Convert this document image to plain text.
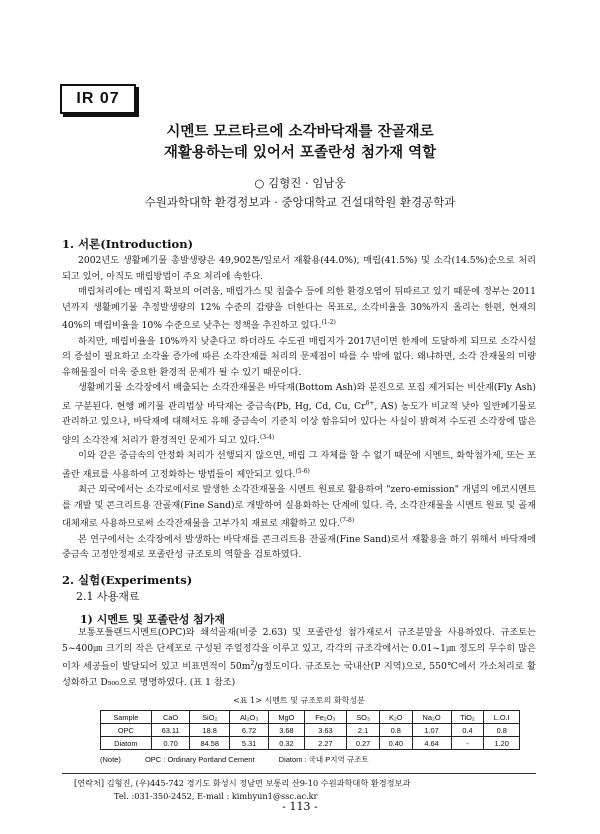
IR 07
시멘트 모르타르에 소각바닥재를 잔골재로
재활용하는데 있어서 포졸란성 첨가재 역할
○ 김형진 · 임남웅
수원과학대학 환경정보과 · 중앙대학교 건설대학원 환경공학과
1. 서론(Introduction)

2002년도 생활폐기물 총발생량은 49,902톤/일로서 재활용(44.0%), 매립(41.5%) 및 소각(14.5%)순으로 처리되고 있어, 아직도 매립방법이 주요 처리에 속한다.

매립처리에는 매립지 확보의 어려움, 매립가스 및 침출수 등에 의한 환경오염이 뒤따르고 있기 때문에 정부는 2011년까지 생활폐기물 추정발생량의 12% 수준의 감량을 더한다는 목표로, 소각비율을 30%까지 올리는 한편, 현재의 40%의 매립비율을 10% 수준으로 낮추는 정책을 추진하고 있다.$^{(1-2)}$

하지만, 매립비율을 10%까지 낮춘다고 하더라도 수도권 매립지가 2017년이면 한계에 도달하게 되므로 소각시설의 증설이 필요하고 소각율 증가에 따른 소각잔재를 처리의 문제점이 따를 수 밖에 없다. 왜냐하면, 소각 잔재물의 미량 유해물질이 더욱 중요한 환경적 문제가 될 수 있기 때문이다.

생활폐기물 소각장에서 배출되는 소각잔재물은 바닥재(Bottom Ash)와 분진으로 포집 제거되는 비산재(Fly Ash)로 구분된다. 현행 폐기물 관리법상 바닥재는 중금속(Pb, Hg, Cd, Cu, $Cr^{6+}$, AS) 농도가 비교적 낮아 일반폐기물로 관리하고 있으나, 바닥재에 대해서도 유해 중금속이 기준치 이상 함유되어 있다는 사실이 밝혀져 수도권 소각장에 많은 양의 소각잔재 처리가 환경적인 문제가 되고 있다.$^{(3-4)}$

이와 같은 중금속의 안정화 처리가 선행되지 않으면, 매립 그 자체를 할 수 없기 때문에 시멘트, 화학첨가제, 또는 포졸란 재료를 사용하여 고정화하는 방법들이 제안되고 있다.$^{(5-6)}$

최근 외국에서는 소각로에서로 발생한 소각잔재물을 시멘트 원료로 활용하여 "zero-emission" 개념의 에코시멘트를 개발 및 콘크리트용 잔골재(Fine Sand)로 개발하여 실용화하는 단계에 있다. 즉, 소각잔재물을 시멘트 원료 및 골재대체재로 사용하므로써 소각잔재물을 고부가치 재료로 재활하고 있다.$^{(7-8)}$

본 연구에서는 소각장에서 발생하는 바닥재를 콘크리트용 잔골재(Fine Sand)로서 재활용을 하기 위해서 바닥재에 중금속 고정안정재로 포졸란성 규조토의 역할을 검토하였다.

2. 실험(Experiments)
2.1 사용재료
1) 시멘트 및 포졸란성 첨가재

보통포틀랜드시멘트(OPC)와 쇄석골재(비중 2.63) 및 포졸란성 첨가재로서 규조분말을 사용하였다. 규조토는 5~400㎛ 크기의 작은 단세포로 구성된 주얼정각을 이루고 있고, 각각의 규조각에서는 0.01~1㎛ 정도의 무수히 많은 이차 세공들이 발달되어 있고 비표면적이 $50m^2/g$정도이다. 규조토는 국내산(P 지역)으로, 550℃에서 가소처리로 활성화하고 D₅₀₀으로 명명하였다. (표 1 참조)

<표 1> 시멘트 및 규조토의 화학성분
Sample	CaO	SiO₂	Al₂O₃	MgO	Fe₂O₃	SO₃	K₂O	Na₂O	TiO₂	L.O.I
OPC	63.11	18.8	6.72	3.68	3.63	2.1	0.8	1.07	0.4	0.8
Diatom	0.70	84.58	5.31	0.32	2.27	0.27	0.40	4.64	-	1.20
(Note)	OPC : Ordinary Portland Cement	Diatom : 국내 P지역 규조토
[연락처] 김형진, (우)445-742 경기도 화성시 정남면 보통리 산9-10 수원과학대학 환경정보과
Tel. :031-350-2452, E-mail : kimhyun1@ssc.ac.kr
- 113 -
